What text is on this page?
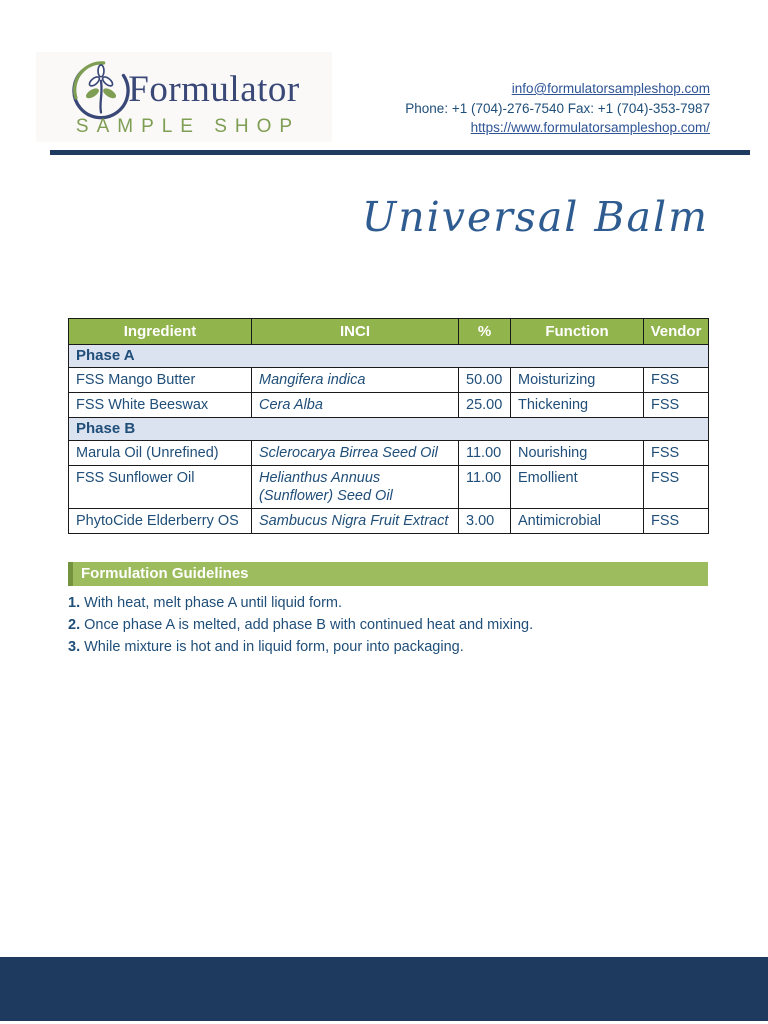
Formulator
SAMPLE SHOP
info@formulatorsampleshop.com
Phone: +1 (704)-276-7540 Fax: +1 (704)-353-7987
https://www.formulatorsampleshop.com/
Universal Balm
Ingredient	INCI	%	Function	Vendor
Phase A				
FSS Mango Butter	Mangifera indica	50.00	Moisturizing	FSS
FSS White Beeswax	Cera Alba	25.00	Thickening	FSS
Phase B				
Marula Oil (Unrefined)	Sclerocarya Birrea Seed Oil	11.00	Nourishing	FSS
FSS Sunflower Oil	Helianthus Annuus (Sunflower) Seed Oil	11.00	Emollient	FSS
PhytoCide Elderberry OS	Sambucus Nigra Fruit Extract	3.00	Antimicrobial	FSS
Formulation Guidelines
1. With heat, melt phase A until liquid form.
2. Once phase A is melted, add phase B with continued heat and mixing.
3. While mixture is hot and in liquid form, pour into packaging.
